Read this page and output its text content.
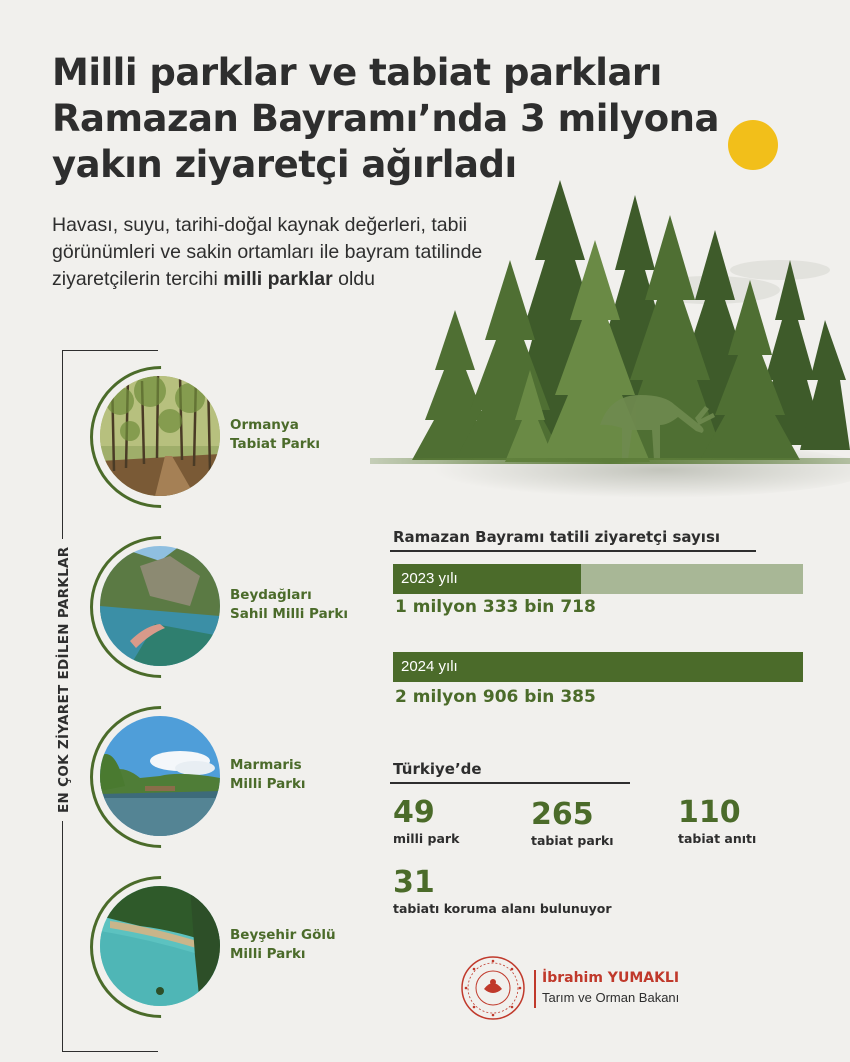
Milli parklar ve tabiat parkları
Ramazan Bayramı’nda 3 milyona
yakın ziyaretçi ağırladı
Havası, suyu, tarihi-doğal kaynak değerleri, tabii görünümleri ve sakin ortamları ile bayram tatilinde ziyaretçilerin tercihi milli parklar oldu
EN ÇOK ZİYARET EDİLEN PARKLAR
Ormanya
Tabiat Parkı
Beydağları
Sahil Milli Parkı
Marmaris
Milli Parkı
Beyşehir Gölü
Milli Parkı
Ramazan Bayramı tatili ziyaretçi sayısı
2023 yılı
1 milyon 333 bin 718
2024 yılı
2 milyon 906 bin 385
Türkiye’de
49
milli park
265
tabiat parkı
110
tabiat anıtı
31
tabiatı koruma alanı bulunuyor
İbrahim YUMAKLI
Tarım ve Orman Bakanı
